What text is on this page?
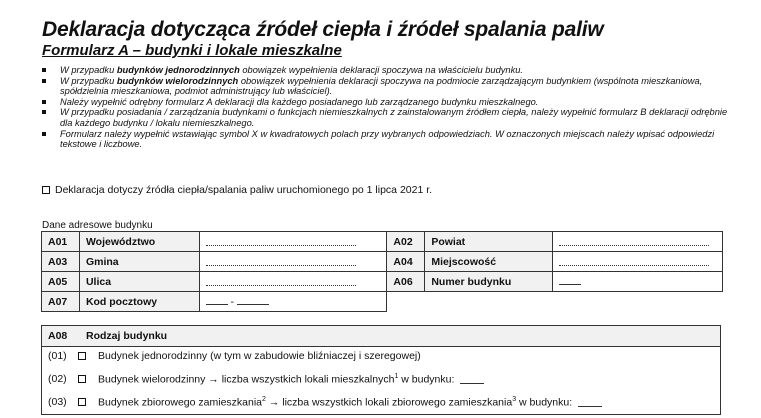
Deklaracja dotycząca źródeł ciepła i źródeł spalania paliw
Formularz A – budynki i lokale mieszkalne
W przypadku budynków jednorodzinnych obowiązek wypełnienia deklaracji spoczywa na właścicielu budynku.
W przypadku budynków wielorodzinnych obowiązek wypełnienia deklaracji spoczywa na podmiocie zarządzającym budynkiem (wspólnota mieszkaniowa, spółdzielnia mieszkaniowa, podmiot administrujący lub właściciel).
Należy wypełnić odrębny formularz A deklaracji dla każdego posiadanego lub zarządzanego budynku mieszkalnego.
W przypadku posiadania / zarządzania budynkami o funkcjach niemieszkalnych z zainstalowanym źródłem ciepła, należy wypełnić formularz B deklaracji odrębnie dla każdego budynku / lokalu niemieszkalnego.
Formularz należy wypełnić wstawiając symbol X w kwadratowych polach przy wybranych odpowiedziach. W oznaczonych miejscach należy wpisać odpowiedzi tekstowe i liczbowe.
Deklaracja dotyczy źródła ciepła/spalania paliw uruchomionego po 1 lipca 2021 r.
Dane adresowe budynku
A01	Województwo		A02	Powiat	
A03	Gmina		A04	Miejscowość	
A05	Ulica		A06	Numer budynku	
A07	Kod pocztowy	-			
A08	Rodzaj budynku
(01)	Budynek jednorodzinny (w tym w zabudowie bliźniaczej i szeregowej)
(02)	Budynek wielorodzinny → liczba wszystkich lokali mieszkalnych$^1$ w budynku:
(03)	Budynek zbiorowego zamieszkania$^2$ → liczba wszystkich lokali zbiorowego zamieszkania$^3$ w budynku:
